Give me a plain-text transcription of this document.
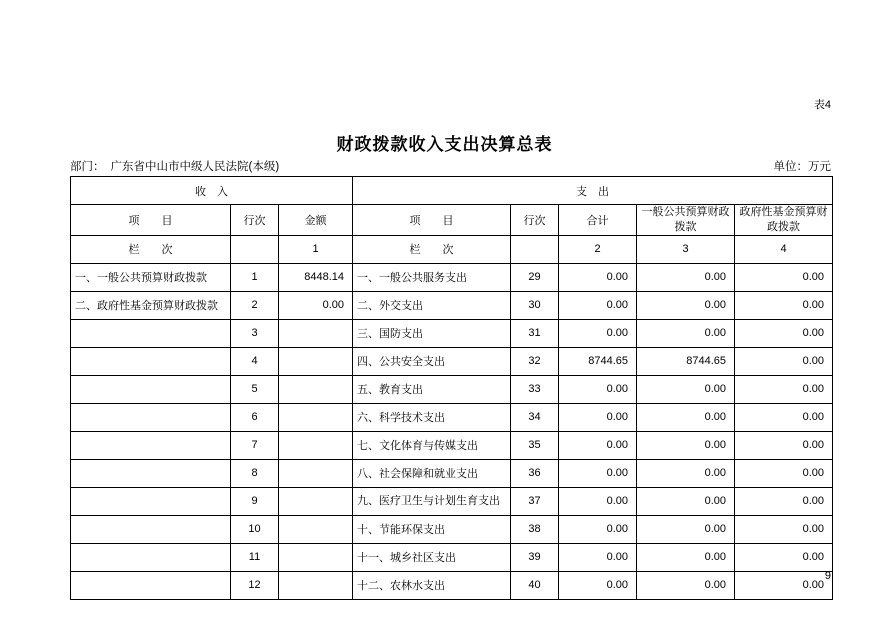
表4
财政拨款收入支出决算总表
部门： 广东省中山市中级人民法院(本级)	单位：万元
收　入			支　出				
项　　目	行次	金额	项　　目	行次	合计	一般公共预算财政拨款	政府性基金预算财政拨款
栏　　次		1	栏　　次		2	3	4
一、一般公共预算财政拨款	1	8448.14	一、一般公共服务支出	29	0.00	0.00	0.00
二、政府性基金预算财政拨款	2	0.00	二、外交支出	30	0.00	0.00	0.00
	3		三、国防支出	31	0.00	0.00	0.00
	4		四、公共安全支出	32	8744.65	8744.65	0.00
	5		五、教育支出	33	0.00	0.00	0.00
	6		六、科学技术支出	34	0.00	0.00	0.00
	7		七、文化体育与传媒支出	35	0.00	0.00	0.00
	8		八、社会保障和就业支出	36	0.00	0.00	0.00
	9		九、医疗卫生与计划生育支出	37	0.00	0.00	0.00
	10		十、节能环保支出	38	0.00	0.00	0.00
	11		十一、城乡社区支出	39	0.00	0.00	0.00
	12		十二、农林水支出	40	0.00	0.00	0.00
9
